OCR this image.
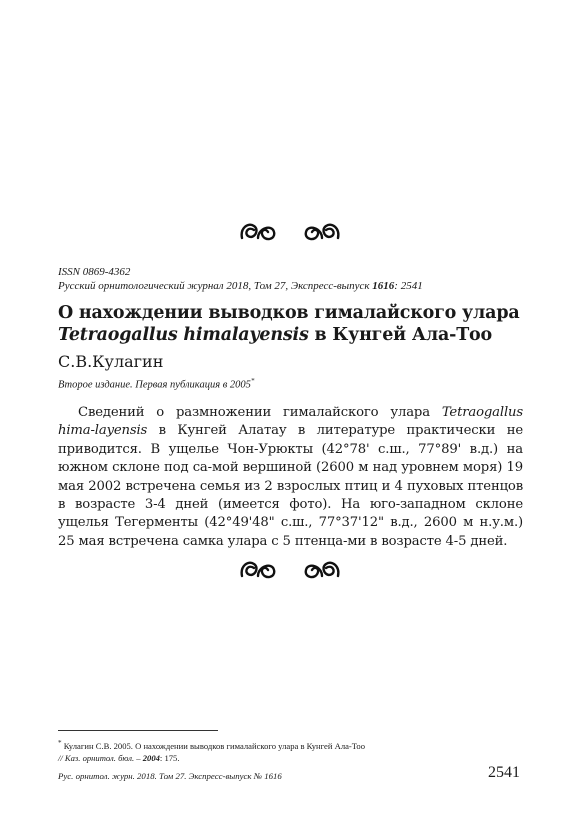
ISSN 0869-4362
Русский орнитологический журнал 2018, Том 27, Экспресс-выпуск 1616: 2541
О нахождении выводков гималайского улара
Tetraogallus himalayensis в Кунгей Ала-Тоо
С.В.Кулагин
Второе издание. Первая публикация в 2005*
Сведений о размножении гималайского улара Tetraogallus hima-layensis в Кунгей Алатау в литературе практически не приводится. В ущелье Чон-Урюкты (42°78' с.ш., 77°89' в.д.) на южном склоне под са-мой вершиной (2600 м над уровнем моря) 19 мая 2002 встречена семья из 2 взрослых птиц и 4 пуховых птенцов в возрасте 3-4 дней (имеется фото). На юго-западном склоне ущелья Тегерменты (42°49'48" с.ш., 77°37'12" в.д., 2600 м н.у.м.) 25 мая встречена самка улара с 5 птенца-ми в возрасте 4-5 дней.

* Кулагин С.В. 2005. О нахождении выводков гималайского улара в Кунгей Ала-Тоо
// Каз. орнитол. бюл. – 2004: 175.
Рус. орнитол. журн. 2018. Том 27. Экспресс-выпуск № 1616	2541
